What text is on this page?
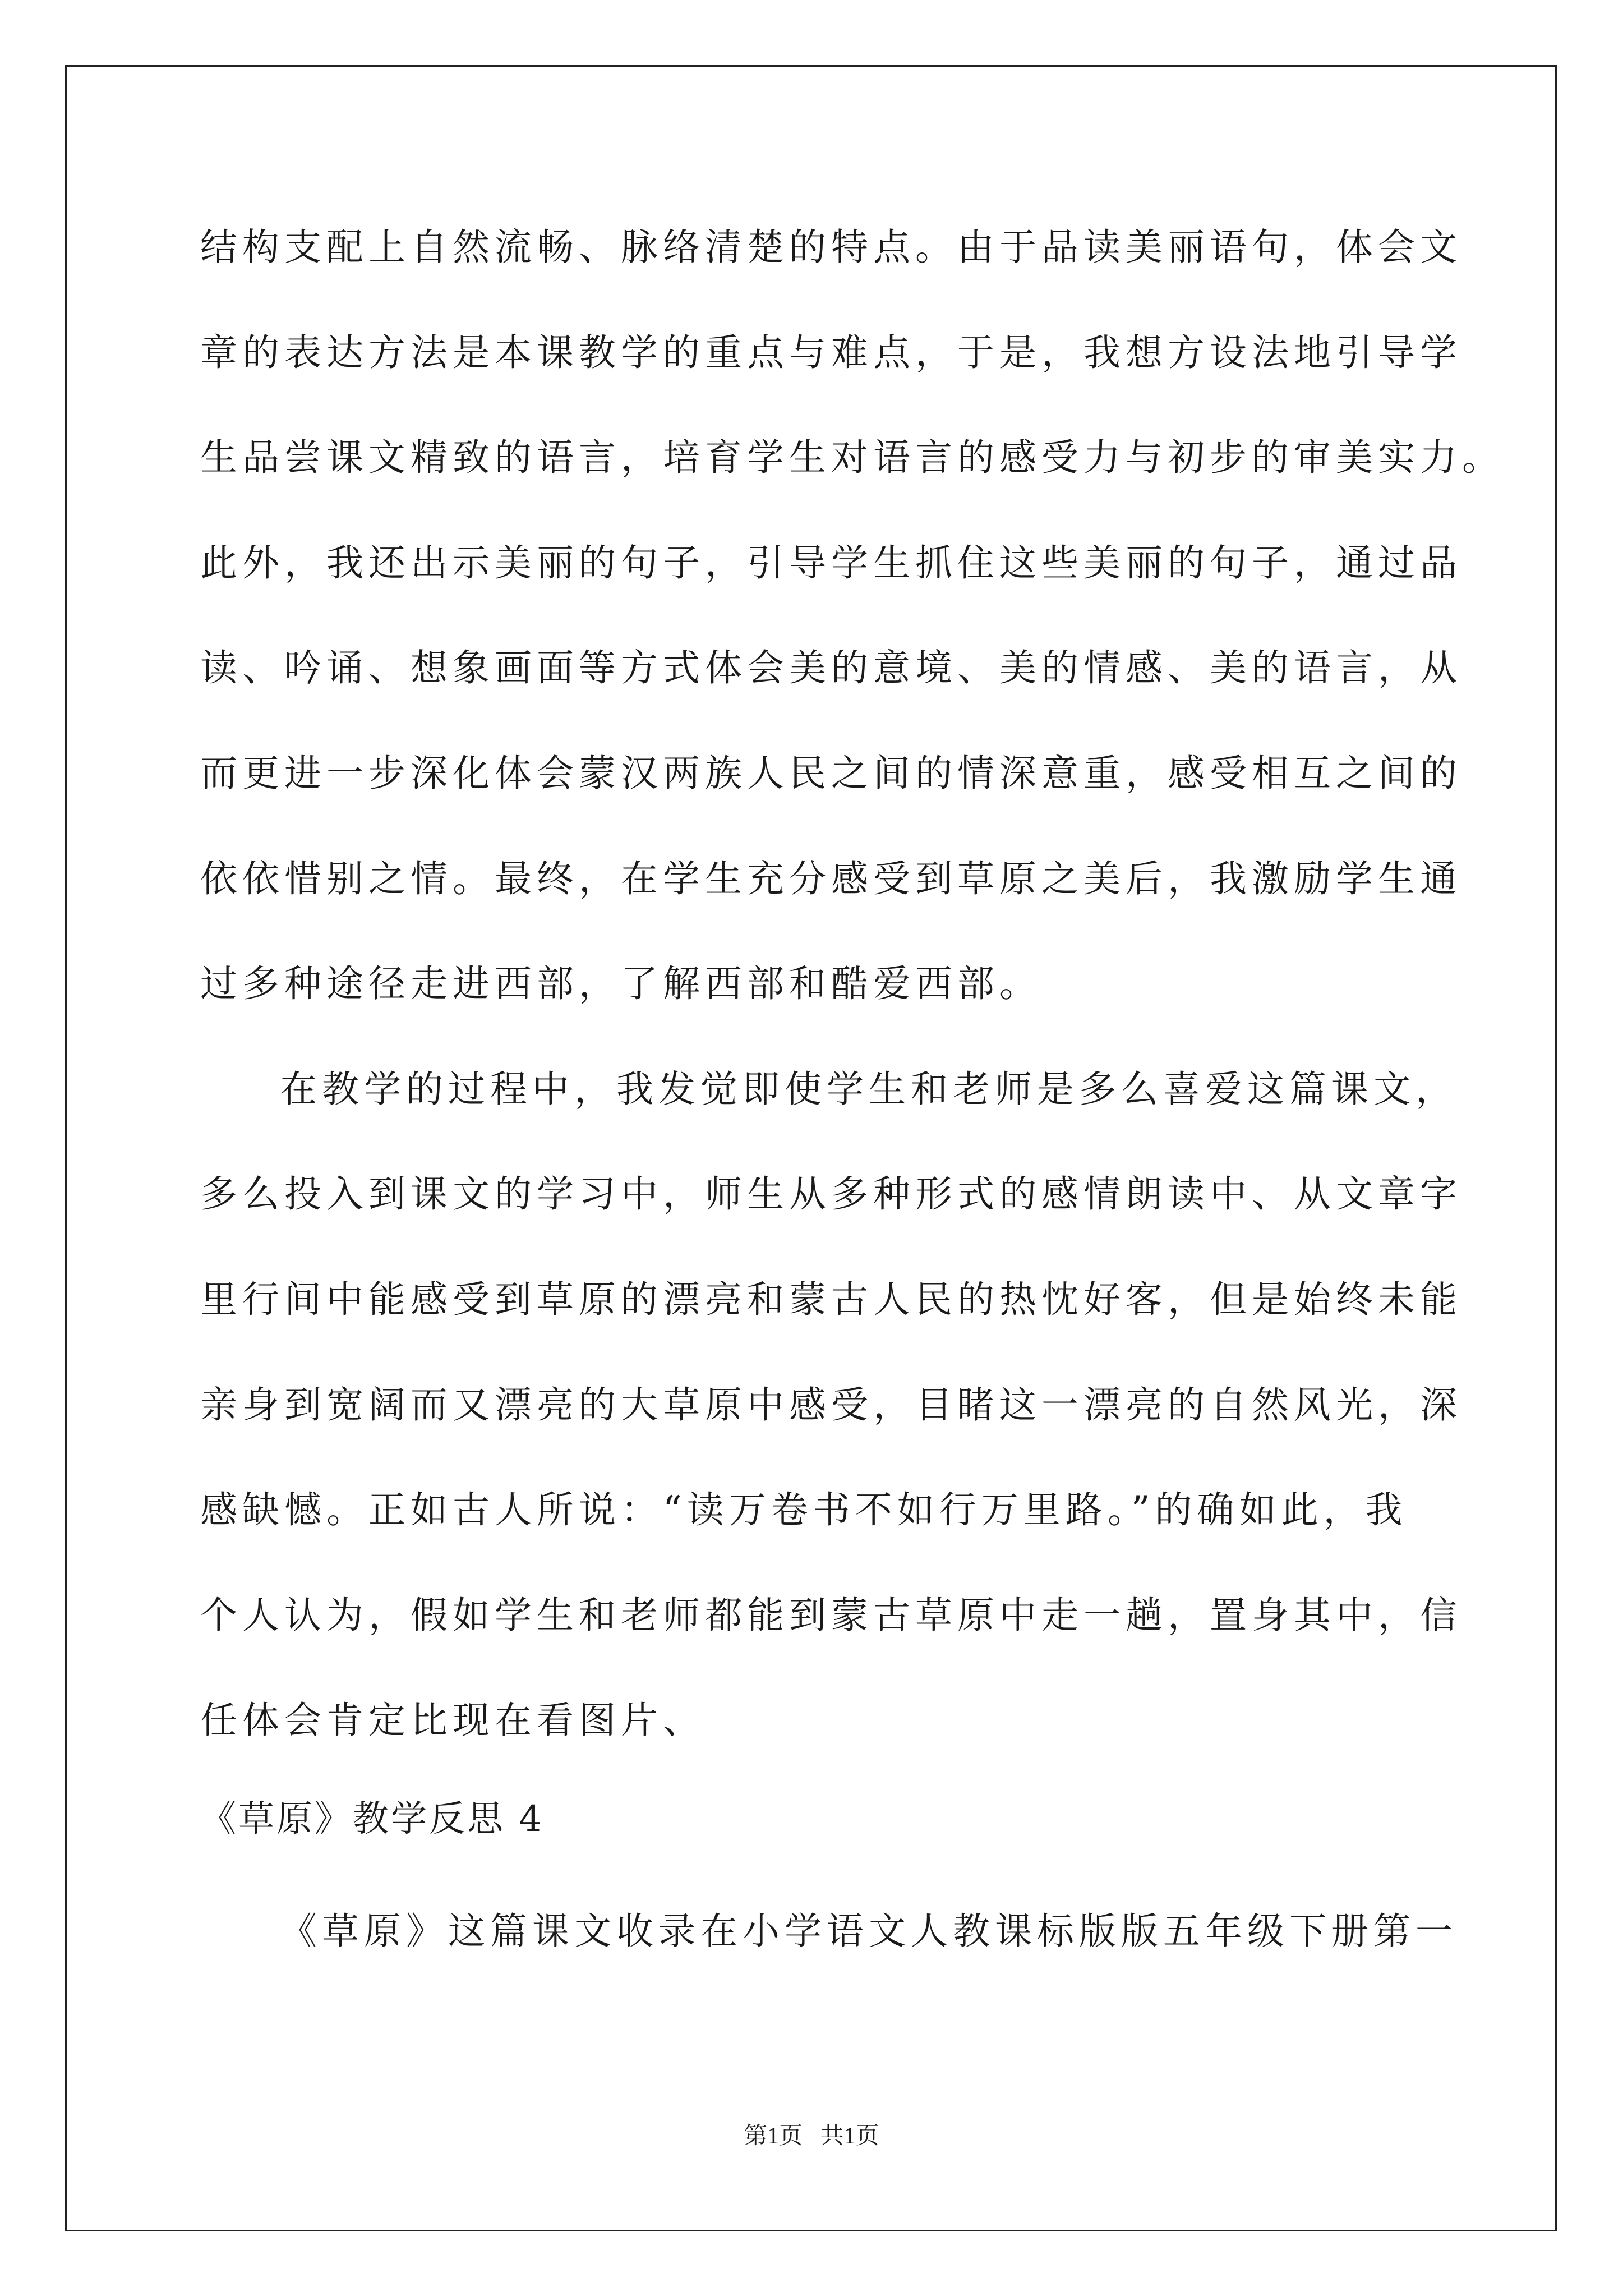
结构支配上自然流畅、脉络清楚的特点。由于品读美丽语句，体会文
章的表达方法是本课教学的重点与难点，于是，我想方设法地引导学
生品尝课文精致的语言，培育学生对语言的感受力与初步的审美实力。
此外，我还出示美丽的句子，引导学生抓住这些美丽的句子，通过品
读、吟诵、想象画面等方式体会美的意境、美的情感、美的语言，从
而更进一步深化体会蒙汉两族人民之间的情深意重，感受相互之间的
依依惜别之情。最终，在学生充分感受到草原之美后，我激励学生通
过多种途径走进西部，了解西部和酷爱西部。
在教学的过程中，我发觉即使学生和老师是多么喜爱这篇课文，
多么投入到课文的学习中，师生从多种形式的感情朗读中、从文章字
里行间中能感受到草原的漂亮和蒙古人民的热忱好客，但是始终未能
亲身到宽阔而又漂亮的大草原中感受，目睹这一漂亮的自然风光，深
感缺憾。正如古人所说：“读万卷书不如行万里路。”的确如此，我
个人认为，假如学生和老师都能到蒙古草原中走一趟，置身其中，信
任体会肯定比现在看图片、
《草原》教学反思 4
《草原》这篇课文收录在小学语文人教课标版版五年级下册第一
第1页   共1页
